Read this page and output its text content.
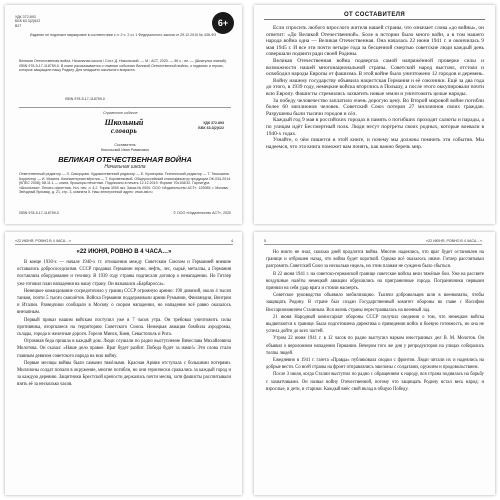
УДК 372.893
ББК 63.3(2)622
В27	6+
Издание не подлежит маркировке в соответствии с п. 2 ч. 2 ст. 1 Федерального закона от 29.12.2010 № 436-ФЗ
Великая Отечественная война. Начальная школа / Сост. Д. Никольский. — М.: АСТ, 2020. — 96 с.: ил. — (Шкатулка знаний). ISBN 978-5-17-118759-0. В книге рассказывается о главных событиях Великой Отечественной войны, о подвигах и героях, которые защищали нашу Родину. Для младшего школьного возраста.
ISBN 978-5-17-118759-0
Справочное издание
Школьный
словарь
УДК 372.893
ББК 63.3(2)622
Составитель
Никольский Иван Романович
ВЕЛИКАЯ ОТЕЧЕСТВЕННАЯ ВОЙНА
Начальная школа
Ответственный редактор — Л. Скворцова. Художественный редактор — Е. Кузнецова. Технический редактор — Т. Тимошина. Корректор — И. Мокина. Компьютерная вёрстка — Т. Коровенковой. Общероссийский классификатор продукции ОК-034-2014 (КПЕС 2008); 58.11.1 — книги, брошюры печатные. Подписано в печать 12.12.2019. Формат 70x108/32. Гарнитура «Школьная». Печать офсетная. Усл. печ. л. 4,2. Тираж 3000 экз. Заказ № 0000. ООО «Издательство АСТ». 129085, г. Москва, Звёздный бульвар, д. 21, стр. 3, комната 5. Наш электронный адрес: www.ast.ru
ISBN 978-5-17-118759-0	© ООО «Издательство АСТ», 2020
ОТ СОСТАВИТЕЛЯ

Если спросить любого взрослого жителя нашей страны, что означает слова «до войны», он ответит: «До Великой Отечественной». Боле в истории было много войн, а в том нашего народа война одна — Великая Отечественная. Она началась 22 июня 1941 г. и окончилась 9 мая 1945 г. И все эти почти четыре года за бесценной смертью советские люди каждый день совершали подвиги ради своей Родины.

Великая Отечественная война подвергла самой напряжённой проверке силы и возможности нашей многонациональной страны. Советский народ выстоял, отстоял и освободил народы Европы от фашизма. В этой войне было уничтожено 12 городов и деревень.

Войну нашему государству объявила нацистская Германия и её союзники. Ещё за два года до этого, в 1939 году, немецкие войска вторглись в Польшу, а после этого оккупировали почти всю Европу. Фашисты стремились захватить новые земли и уничтожить целые народы.

За победу человечество заплатило очень дорогую цену. Во Второй мировой войне погибли более 60 миллионов человек. Советский Союз потерял 27 миллионов своих граждан. Разрушены были тысячи городов и сёл.

Каждый год 9 мая в российских городах в память о погибших проходят салюты и парады, а по улицам идёт Бессмертный полк. Люди несут портреты своих родных, которые воевали в 1940-х годах.

Узнайте, о чём пишется в этой книге, и почему мы должны помнить эти события. Мы надеемся, что эта книга поможет вам понять, как важно беречь мир.

«22 ИЮНЯ, РОВНО В 4 ЧАСА…»	4
«22 ИЮНЯ, РОВНО В 4 ЧАСА…»

В конце 1930-х — начале 1940-х гг. отношения между Советским Союзом и Германией внешне оставались добрососедскими. СССР продавал Германии зерно, нефть, лес, сырьё, металлы, а Германия поставляла оборудование и технику. В 1939 году страны подписали договор о ненападении. Но Гитлер уже готовил план нападения на нашу страну. Он назывался «Барбаросса».

Немецкое командование сосредоточило у границ СССР огромную армию: 190 дивизий, около 4 тысяч танков, почти 5 тысяч самолётов. Войска Германии поддерживали армии Румынии, Финляндии, Венгрии и Италии. Разведчики сообщали в Москву о скором нападении, но нападение всё равно оказалось внезапным.

Первый приказ нашим войскам поступил уже в 7 часов утра. Он требовал уничтожить силы противника, вторгшиеся на территорию Советского Союза. Немецкая авиация бомбила аэродромы, склады, города и железные дороги. Горели Минск, Киев, Севастополь и Рига.

Огромная беда пришла в каждый дом. Люди слушали по радио выступление Вячеслава Михайловича Молотова. Он сказал: «Наше дело правое. Враг будет разбит. Победа будет за нами!» Эти слова стали главным девизом советского народа на всю войну.

Первые месяцы войны были самыми тяжёлыми. Красная Армия отступала с большими потерями. Миллионы солдат попали в окружение, многие погибли, но они героически сражались за каждый город и за каждую деревню. Защитники Брестской крепости держались почти месяц, хотя фашисты рассчитывали взять её за несколько часов.

5	«22 ИЮНЯ, РОВНО В 4 ЧАСА…»

Но никто не знал, сколько дней продлится война. Многие надеялись, что враг будет остановлен на границе и отброшен назад, что война будет короткой. Однако всё оказалось иначе. Гитлер рассчитывал разгромить Советский Союз за несколько недель, но этим планам не суждено было сбыться.

В 22 июня 1941 г. на советско-германской границе советские войска вели тяжёлые бои. Уже на рассвете воздушные налёты немецкой авиации обрушились на приграничные города. Пограничники первыми приняли на себя удар врага и стояли насмерть.

Советское руководство объявило мобилизацию. Тысячи добровольцев шли в военкоматы, чтобы защищать Родину. В стране был создан Государственный комитет обороны во главе с Иосифом Виссарионовичем Сталиным. Вся жизнь страны перестраивалась на военный лад.

21 июня Народный комиссариат обороны СССР получил сведения о том, что немецкие войска выдвигаются к границе. Была подготовлена директива о приведении войск в боевую готовность, но она не успела дойти до всех частей.

Утром 22 июня 1941 г. в 12 часов по радио выступил нарком иностранных дел В. М. Молотов. Он объявил о вероломном нападении Германии. Вечером того же дня у репродукторов на улицах собирались толпы людей.

Ежедневно в 1941 г. газета «Правда» публиковала сводки с фронтов. Люди читали их и надеялись на добрые вести. Со всей страны на фронт отправлялись эшелоны с солдатами, оружием и продовольствием.

После 3 июля, когда Сталин выступил по радио с обращением к народу, вся страна поднялась на борьбу с захватчиками. Он назвал войну Отечественной, потому что защищать Родину встал весь народ: и взрослые, и дети, и старики. Каждый внёс свой вклад в общую Победу.
